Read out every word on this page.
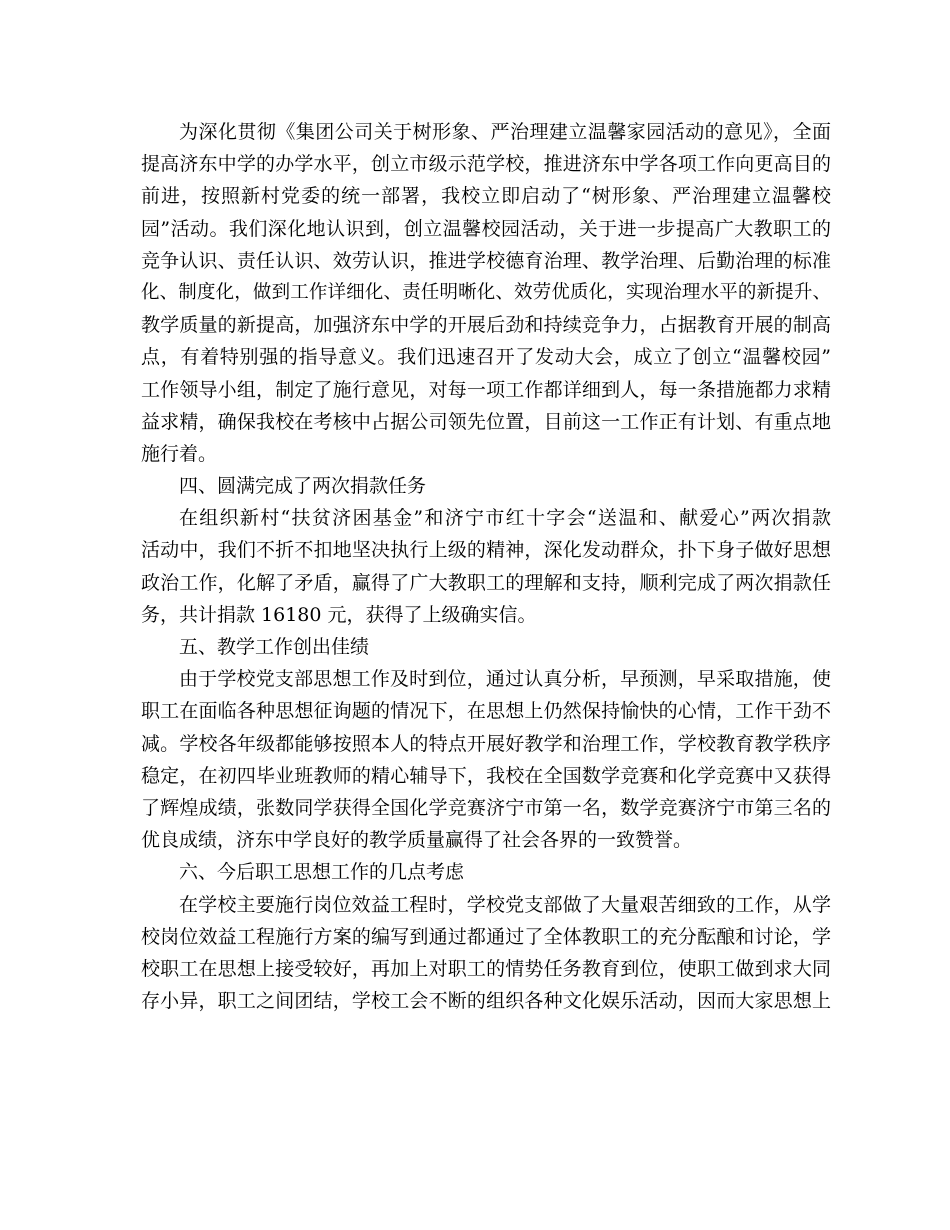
为深化贯彻《集团公司关于树形象、严治理建立温馨家园活动的意见》，全面
提高济东中学的办学水平，创立市级示范学校，推进济东中学各项工作向更高目的
前进，按照新村党委的统一部署，我校立即启动了“树形象、严治理建立温馨校
园”活动。我们深化地认识到，创立温馨校园活动，关于进一步提高广大教职工的
竞争认识、责任认识、效劳认识，推进学校德育治理、教学治理、后勤治理的标准
化、制度化，做到工作详细化、责任明晰化、效劳优质化，实现治理水平的新提升、
教学质量的新提高，加强济东中学的开展后劲和持续竞争力，占据教育开展的制高
点，有着特别强的指导意义。我们迅速召开了发动大会，成立了创立“温馨校园”
工作领导小组，制定了施行意见，对每一项工作都详细到人，每一条措施都力求精
益求精，确保我校在考核中占据公司领先位置，目前这一工作正有计划、有重点地
施行着。
四、圆满完成了两次捐款任务
在组织新村“扶贫济困基金”和济宁市红十字会“送温和、献爱心”两次捐款
活动中，我们不折不扣地坚决执行上级的精神，深化发动群众，扑下身子做好思想
政治工作，化解了矛盾，赢得了广大教职工的理解和支持，顺利完成了两次捐款任
务，共计捐款 16180 元，获得了上级确实信。
五、教学工作创出佳绩
由于学校党支部思想工作及时到位，通过认真分析，早预测，早采取措施，使
职工在面临各种思想征询题的情况下，在思想上仍然保持愉快的心情，工作干劲不
减。学校各年级都能够按照本人的特点开展好教学和治理工作，学校教育教学秩序
稳定，在初四毕业班教师的精心辅导下，我校在全国数学竞赛和化学竞赛中又获得
了辉煌成绩，张数同学获得全国化学竞赛济宁市第一名，数学竞赛济宁市第三名的
优良成绩，济东中学良好的教学质量赢得了社会各界的一致赞誉。
六、今后职工思想工作的几点考虑
在学校主要施行岗位效益工程时，学校党支部做了大量艰苦细致的工作，从学
校岗位效益工程施行方案的编写到通过都通过了全体教职工的充分酝酿和讨论，学
校职工在思想上接受较好，再加上对职工的情势任务教育到位，使职工做到求大同
存小异，职工之间团结，学校工会不断的组织各种文化娱乐活动，因而大家思想上
